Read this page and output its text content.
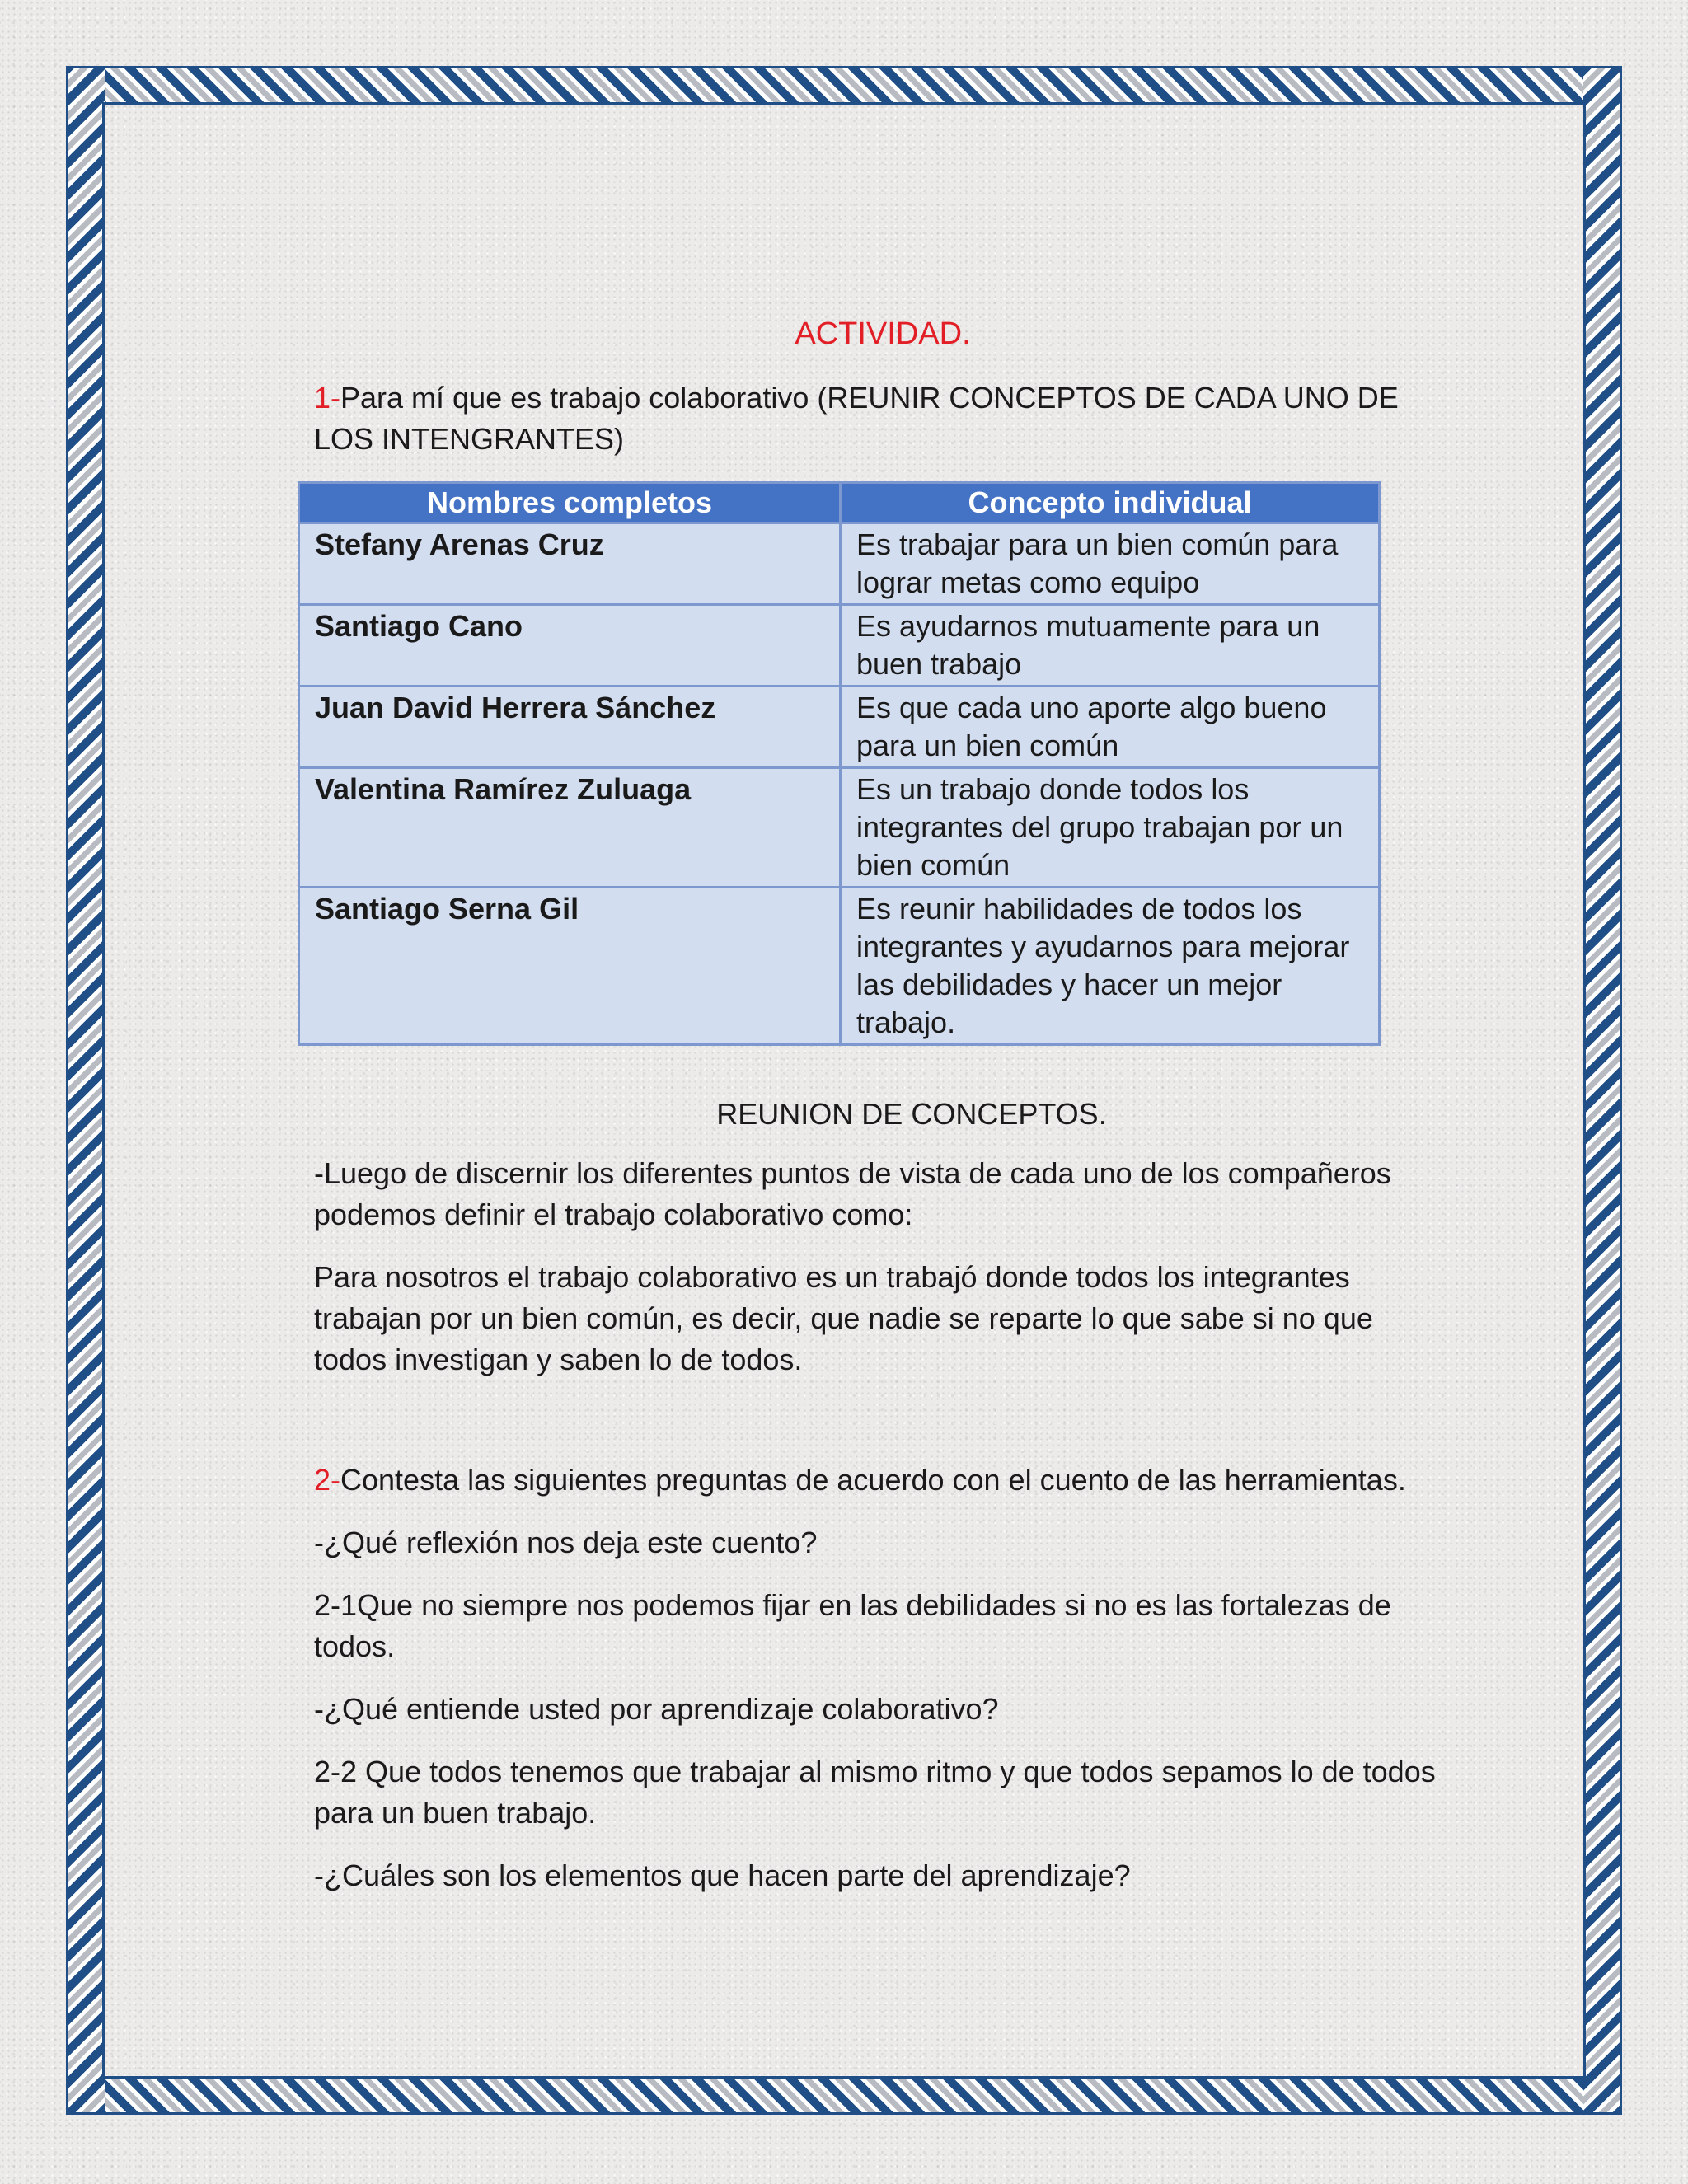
ACTIVIDAD.

1-Para mí que es trabajo colaborativo (REUNIR CONCEPTOS DE CADA UNO DE LOS INTENGRANTES)

Nombres completos	Concepto individual
Stefany Arenas Cruz	Es trabajar para un bien común para lograr metas como equipo
Santiago Cano	Es ayudarnos mutuamente para un buen trabajo
Juan David Herrera Sánchez	Es que cada uno aporte algo bueno para un bien común
Valentina Ramírez Zuluaga	Es un trabajo donde todos los integrantes del grupo trabajan por un bien común
Santiago Serna Gil	Es reunir habilidades de todos los integrantes y ayudarnos para mejorar las debilidades y hacer un mejor trabajo.
REUNION DE CONCEPTOS.

-Luego de discernir los diferentes puntos de vista de cada uno de los compañeros podemos definir el trabajo colaborativo como:

Para nosotros el trabajo colaborativo es un trabajó donde todos los integrantes trabajan por un bien común, es decir, que nadie se reparte lo que sabe si no que todos investigan y saben lo de todos.

2-Contesta las siguientes preguntas de acuerdo con el cuento de las herramientas.

-¿Qué reflexión nos deja este cuento?

2-1Que no siempre nos podemos fijar en las debilidades si no es las fortalezas de todos.

-¿Qué entiende usted por aprendizaje colaborativo?

2-2 Que todos tenemos que trabajar al mismo ritmo y que todos sepamos lo de todos para un buen trabajo.

-¿Cuáles son los elementos que hacen parte del aprendizaje?
